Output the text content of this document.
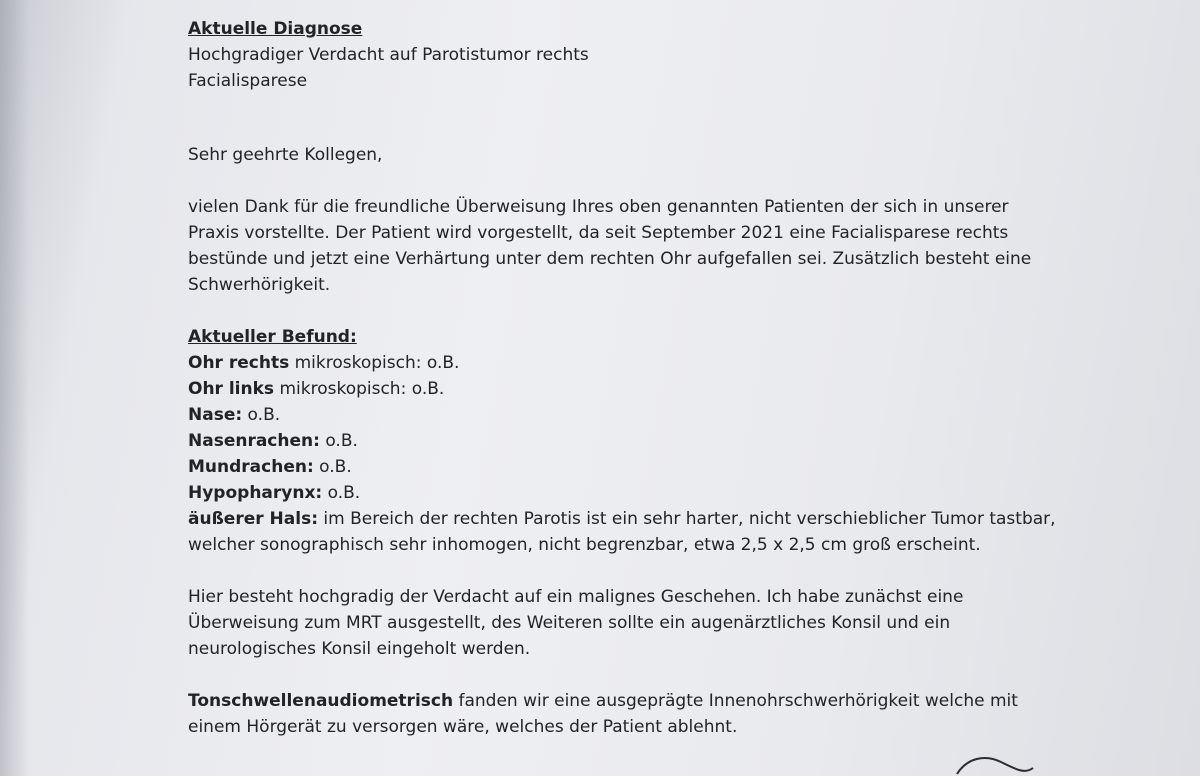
Aktuelle Diagnose
Hochgradiger Verdacht auf Parotistumor rechts
Facialisparese
Sehr geehrte Kollegen,
vielen Dank für die freundliche Überweisung Ihres oben genannten Patienten der sich in unserer
Praxis vorstellte. Der Patient wird vorgestellt, da seit September 2021 eine Facialisparese rechts
bestünde und jetzt eine Verhärtung unter dem rechten Ohr aufgefallen sei. Zusätzlich besteht eine
Schwerhörigkeit.
Aktueller Befund:
Ohr rechts mikroskopisch: o.B.
Ohr links mikroskopisch: o.B.
Nase: o.B.
Nasenrachen: o.B.
Mundrachen: o.B.
Hypopharynx: o.B.
äußerer Hals: im Bereich der rechten Parotis ist ein sehr harter, nicht verschieblicher Tumor tastbar,
welcher sonographisch sehr inhomogen, nicht begrenzbar, etwa 2,5 x 2,5 cm groß erscheint.
Hier besteht hochgradig der Verdacht auf ein malignes Geschehen. Ich habe zunächst eine
Überweisung zum MRT ausgestellt, des Weiteren sollte ein augenärztliches Konsil und ein
neurologisches Konsil eingeholt werden.
Tonschwellenaudiometrisch fanden wir eine ausgeprägte Innenohrschwerhörigkeit welche mit
einem Hörgerät zu versorgen wäre, welches der Patient ablehnt.
